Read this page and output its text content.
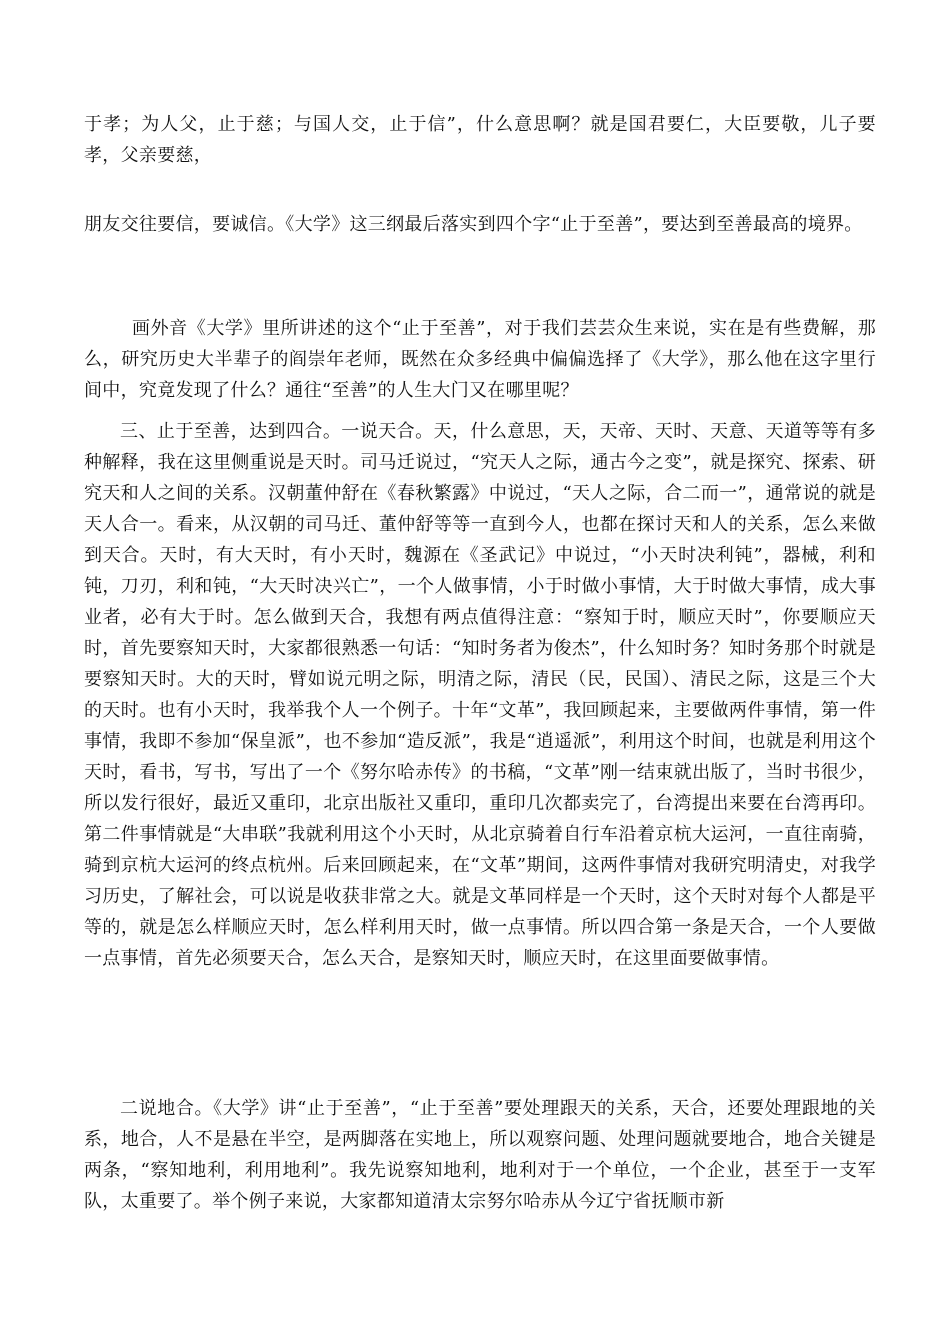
于孝；为人父，止于慈；与国人交，止于信”，什么意思啊？就是国君要仁，大臣要敬，儿子要孝，父亲要慈，

朋友交往要信，要诚信。《大学》这三纲最后落实到四个字“止于至善”，要达到至善最高的境界。

画外音《大学》里所讲述的这个“止于至善”，对于我们芸芸众生来说，实在是有些费解，那么，研究历史大半辈子的阎崇年老师，既然在众多经典中偏偏选择了《大学》，那么他在这字里行间中，究竟发现了什么？通往“至善”的人生大门又在哪里呢？

三、止于至善，达到四合。一说天合。天，什么意思，天，天帝、天时、天意、天道等等有多种解释，我在这里侧重说是天时。司马迁说过，“究天人之际，通古今之变”，就是探究、探索、研究天和人之间的关系。汉朝董仲舒在《春秋繁露》中说过，“天人之际，合二而一”，通常说的就是天人合一。看来，从汉朝的司马迁、董仲舒等等一直到今人，也都在探讨天和人的关系，怎么来做到天合。天时，有大天时，有小天时，魏源在《圣武记》中说过，“小天时决利钝”，器械，利和钝，刀刃，利和钝，“大天时决兴亡”，一个人做事情，小于时做小事情，大于时做大事情，成大事业者，必有大于时。怎么做到天合，我想有两点值得注意：“察知于时，顺应天时”，你要顺应天时，首先要察知天时，大家都很熟悉一句话：“知时务者为俊杰”，什么知时务？知时务那个时就是要察知天时。大的天时，臂如说元明之际，明清之际，清民（民，民国）、清民之际，这是三个大的天时。也有小天时，我举我个人一个例子。十年“文革”，我回顾起来，主要做两件事情，第一件事情，我即不参加“保皇派”，也不参加“造反派”，我是“逍遥派”，利用这个时间，也就是利用这个天时，看书，写书，写出了一个《努尔哈赤传》的书稿，“文革”刚一结束就出版了，当时书很少，所以发行很好，最近又重印，北京出版社又重印，重印几次都卖完了，台湾提出来要在台湾再印。第二件事情就是“大串联”我就利用这个小天时，从北京骑着自行车沿着京杭大运河，一直往南骑，骑到京杭大运河的终点杭州。后来回顾起来，在“文革”期间，这两件事情对我研究明清史，对我学习历史，了解社会，可以说是收获非常之大。就是文革同样是一个天时，这个天时对每个人都是平等的，就是怎么样顺应天时，怎么样利用天时，做一点事情。所以四合第一条是天合，一个人要做一点事情，首先必须要天合，怎么天合，是察知天时，顺应天时，在这里面要做事情。

二说地合。《大学》讲“止于至善”，“止于至善”要处理跟天的关系，天合，还要处理跟地的关系，地合，人不是悬在半空，是两脚落在实地上，所以观察问题、处理问题就要地合，地合关键是两条，“察知地利，利用地利”。我先说察知地利，地利对于一个单位，一个企业，甚至于一支军队，太重要了。举个例子来说，大家都知道清太宗努尔哈赤从今辽宁省抚顺市新
